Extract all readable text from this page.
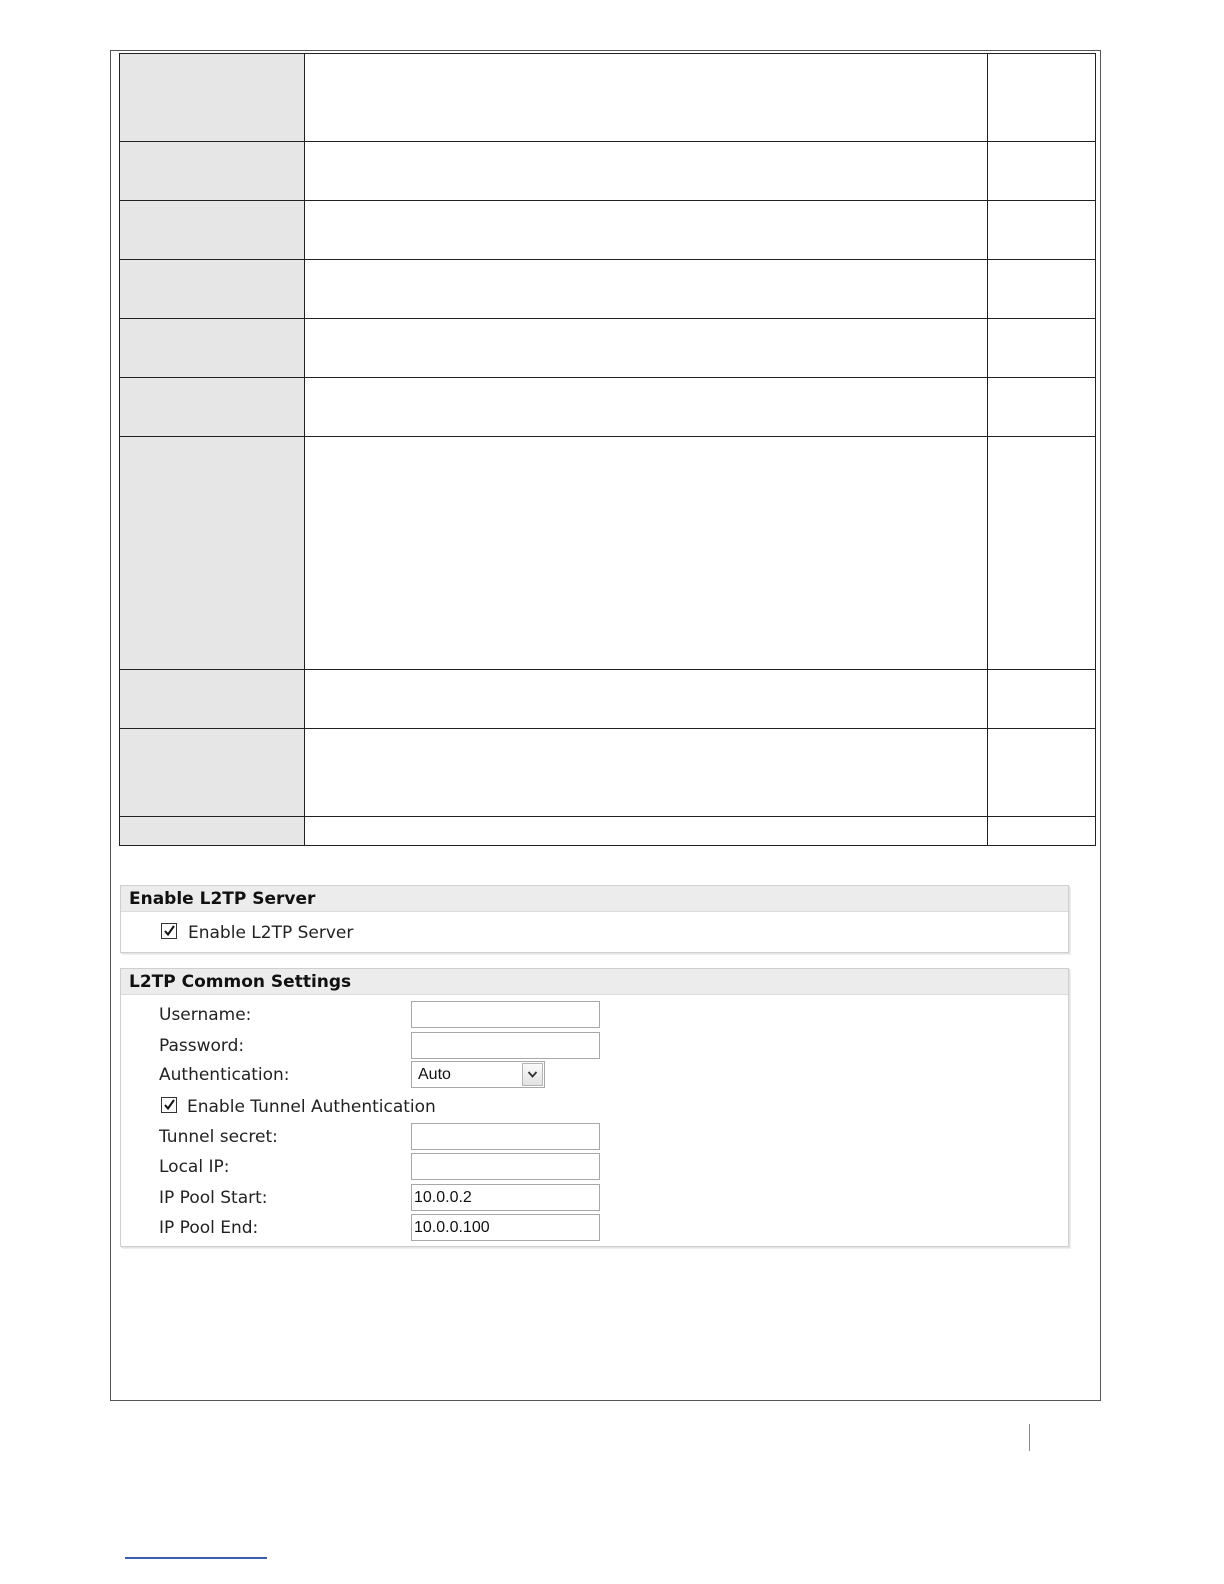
Enable L2TP Server
Enable L2TP Server
L2TP Common Settings
Username:
Password:
Authentication:	Auto
Enable Tunnel Authentication
Tunnel secret:
Local IP:
IP Pool Start:
10.0.0.2
IP Pool End:
10.0.0.100
